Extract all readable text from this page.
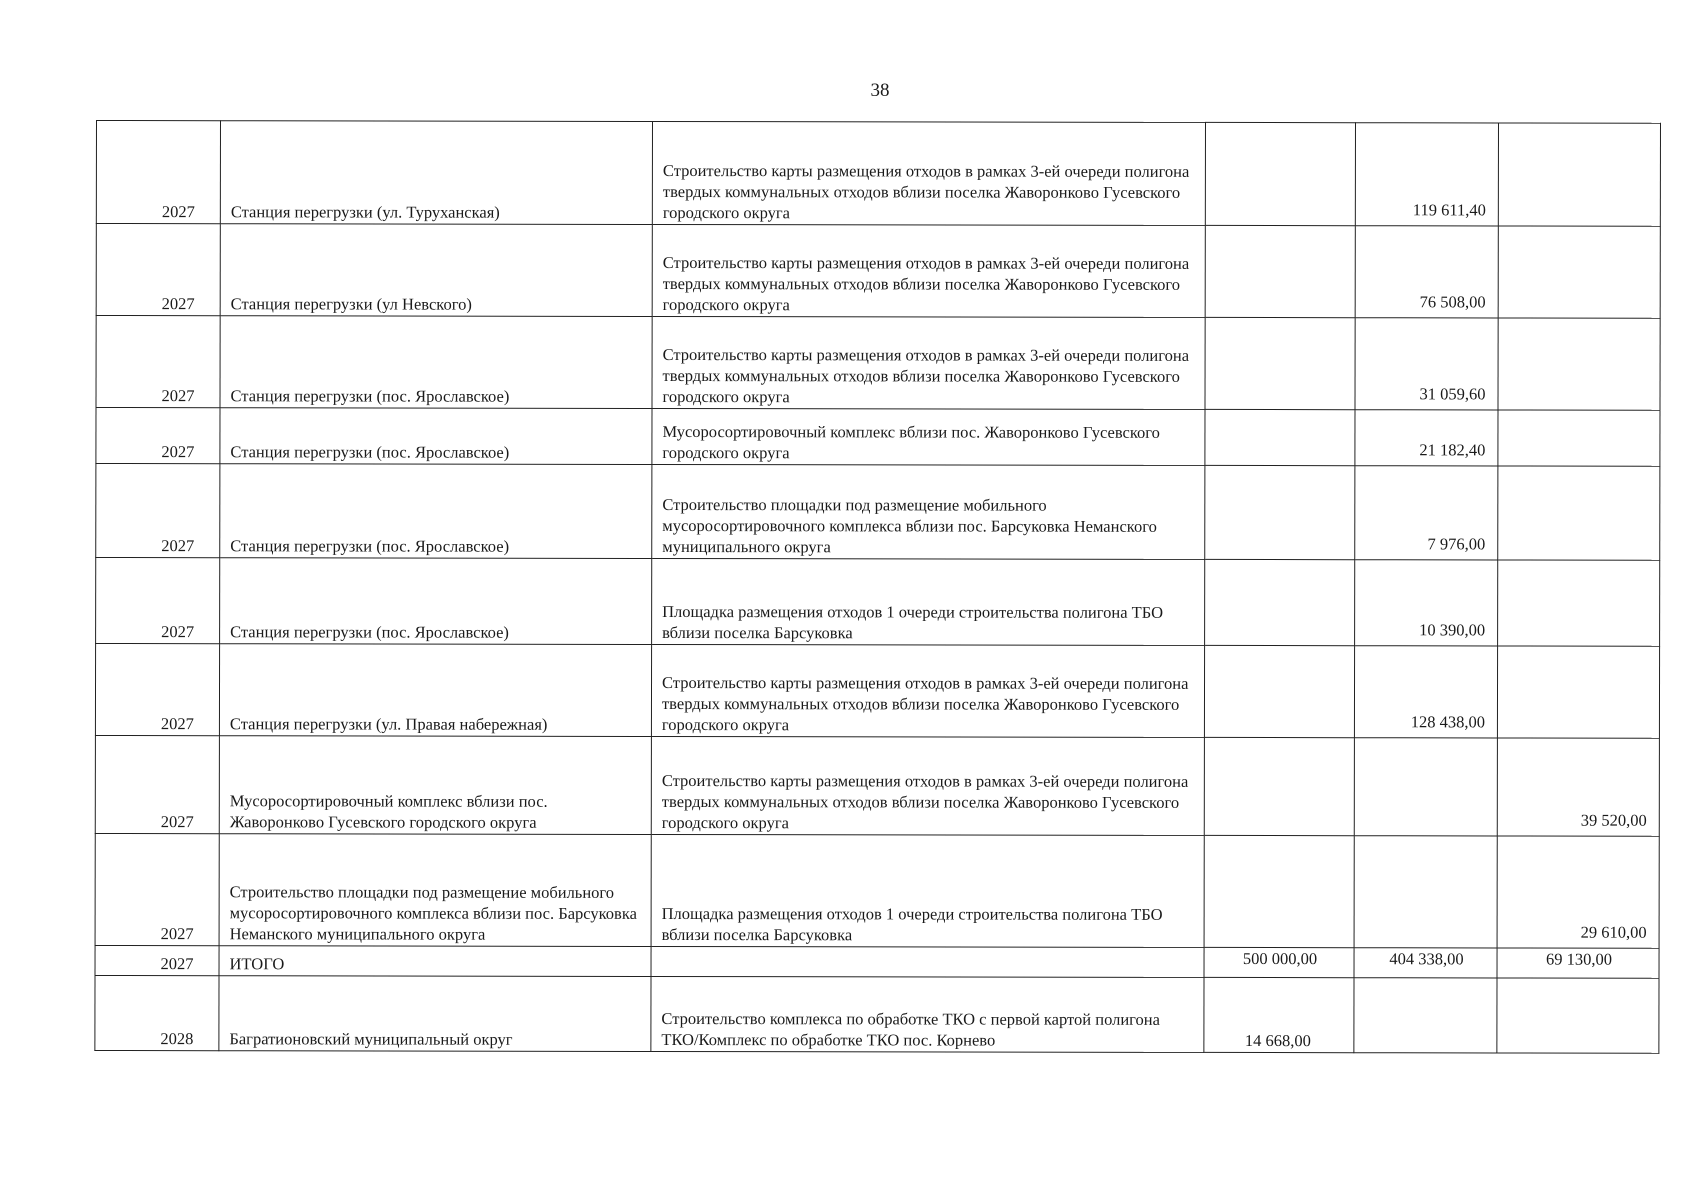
38
2027	Станция перегрузки (ул. Туруханская)	Строительство карты размещения отходов в рамках 3-ей очереди полигона твердых коммунальных отходов вблизи поселка Жаворонково Гусевского городского округа		119 611,40	
2027	Станция перегрузки (ул Невского)	Строительство карты размещения отходов в рамках 3-ей очереди полигона твердых коммунальных отходов вблизи поселка Жаворонково Гусевского городского округа		76 508,00	
2027	Станция перегрузки (пос. Ярославское)	Строительство карты размещения отходов в рамках 3-ей очереди полигона твердых коммунальных отходов вблизи поселка Жаворонково Гусевского городского округа		31 059,60	
2027	Станция перегрузки (пос. Ярославское)	Мусоросортировочный комплекс вблизи пос. Жаворонково Гусевского городского округа		21 182,40	
2027	Станция перегрузки (пос. Ярославское)	Строительство площадки под размещение мобильного мусоросортировочного комплекса вблизи пос. Барсуковка Неманского муниципального округа		7 976,00	
2027	Станция перегрузки (пос. Ярославское)	Площадка размещения отходов 1 очереди строительства полигона ТБО вблизи поселка Барсуковка		10 390,00	
2027	Станция перегрузки (ул. Правая набережная)	Строительство карты размещения отходов в рамках 3-ей очереди полигона твердых коммунальных отходов вблизи поселка Жаворонково Гусевского городского округа		128 438,00	
2027	Мусоросортировочный комплекс вблизи пос. Жаворонково Гусевского городского округа	Строительство карты размещения отходов в рамках 3-ей очереди полигона твердых коммунальных отходов вблизи поселка Жаворонково Гусевского городского округа			39 520,00
2027	Строительство площадки под размещение мобильного мусоросортировочного комплекса вблизи пос. Барсуковка Неманского муниципального округа	Площадка размещения отходов 1 очереди строительства полигона ТБО вблизи поселка Барсуковка			29 610,00
2027	ИТОГО		500 000,00	404 338,00	69 130,00
2028	Багратионовский муниципальный округ	Строительство комплекса по обработке ТКО с первой картой полигона ТКО/Комплекс по обработке ТКО пос. Корнево	14 668,00		
